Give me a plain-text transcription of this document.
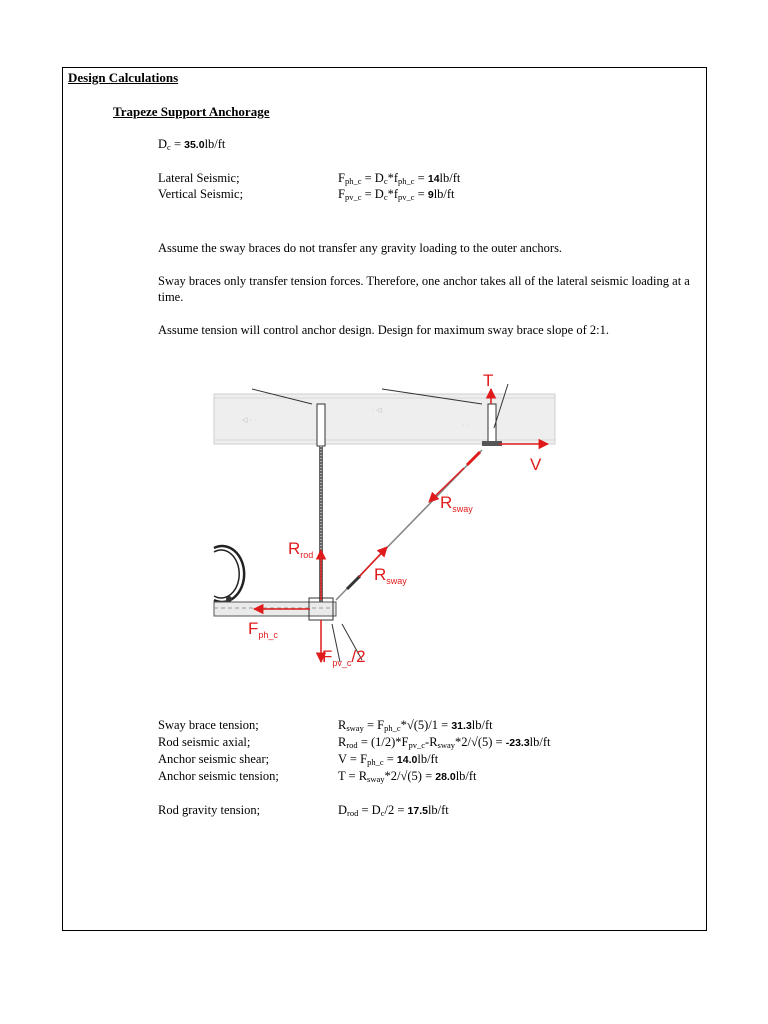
Design Calculations
Trapeze Support Anchorage
$D_c = 35.0lb/ft$
Lateral Seismic;	$F_{ph\_c} = D_c*f_{ph\_c} = 14lb/ft$
Vertical Seismic;	$F_{pv\_c} = D_c*f_{pv\_c} = 9lb/ft$
Assume the sway braces do not transfer any gravity loading to the outer anchors.
Sway braces only transfer tension forces. Therefore, one anchor takes all of the lateral seismic loading at a time.
Assume tension will control anchor design. Design for maximum sway brace slope of 2:1.
◁ · ·
· ◁
· ·
T
V
$R_{sway}$
$R_{sway}$
$R_{rod}$
$F_{ph\_c}$
$F_{pv\_c}/2$
Sway brace tension;	$R_{sway} = F_{ph\_c}*√(5)/1 = 31.3lb/ft$
Rod seismic axial;	$R_{rod} = (1/2)*F_{pv\_c}-R_{sway}*2/√(5) = -23.3lb/ft$
Anchor seismic shear;	$V = F_{ph\_c} = 14.0lb/ft$
Anchor seismic tension;	$T = R_{sway}*2/√(5) = 28.0lb/ft$
Rod gravity tension;	$D_{rod} = D_c/2 = 17.5lb/ft$
